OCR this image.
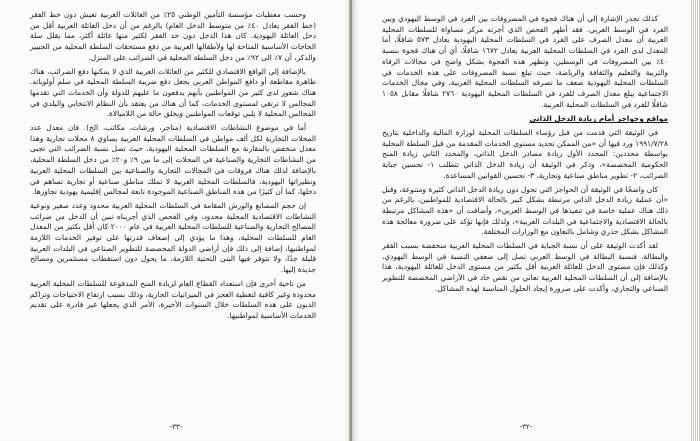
وحسب معطيات مؤسسة التأمين الوطني ٢٥٪ من العائلات العربية تعيش دون خط الفقر (خط الفقر يعادل ٤٠٪ من متوسط الدخل العام) بالرغم من أن دخل العائلة العربية أقل من دخل العائلة اليهودية. كان هذا الدخل دون حد الفقر لكثير منها عائلة أكثر، مما يقلل سلة الحاجات الأساسية المتاحة لها ولأطفالها العربية من دفع مستحقات السلطة المحلية من الجبيير والذكر، أن ٧٪ الى ٩٢٪ من دخل السلطة المحلية في الضرائب على المنزل.

بالإضافة إلى الواقع الاقتصادي للكثير من العائلات العربية الذي لا يمكنها دفع الضرائب، هناك ظاهرة مقاطعة أو دافع المواطن العربي بجعل دفع ضريبة السلطة المحلية في سلم أولوياته. هناك شعور لدى كثير من المواطنين بأنهم يدفعون ما عليهم للدولة وأن الخدمات التي تقدمها المجالس لا ترتقي لمستوى الخدمات، كما أن هناك من يعتقد بأن النظام الانتخابي والبلدي في المجالس المحلية لا يلبي توقعات المواطنين ويخلق حالة من اللامبالاة.

أما في موضوع النشاطات الاقتصادية (متاجر، ورشات، مكاتب، الخ). فان معدل عدد المحلات التجارية لكل ألف مواطن في السلطات المحلية العربية يساوي ٨ محلات تجارية وهذا معدل منخفض بالمقارنة مع السلطات المحلية اليهودية، حيث تصل نسبة الضرائب التي تجبى من النشاطات التجارية والصناعية في المحلات إلى ما بين ٩٪ و٢٠٪ من دخل السلطة المحلية، بالإضافة لذلك هناك فروقات في المجالات التجارية والصناعية بين السلطات المحلية العربية ونظيراتها اليهودية، فالسلطات المحلية العربية لا تملك مناطق صناعية أو تجارية تساهم في دخلها، كما أن كثيرًا من هذه المناطق الصناعية الموجودة تابعة لمجالس إقليمية يهودية تجاورها.

إن حجم المصانع والورش المقامة في السلطات المحلية العربية محدود وعدد صغير ونوعية النشاطات الاقتصادية المحلية محدود، وفي الفحص الذي أجريناه تبين أن الدخل من ضرائب المصالح التجارية والصناعية للسلطات المحلية العربية في عام ٢٠٠٠ كان أقل بكثير من المعدل العام للسلطات المحلية، وهذا ما يؤدي إلى إضعاف قدرتها على توفير الخدمات اللازمة لمواطنيها، إضافة إلى ذلك فإن أراضي الدولة المخصصة للتطوير الصناعي في البلدات العربية قليلة جدًا، ولا تتوفر فيها البنى التحتية اللازمة، ما يحول دون استقطاب مستثمرين ومصالح جديدة إليها.

من ناحية أخرى فإن استعداد القطاع العام لزيادة المنح المدفوعة للسلطات المحلية العربية محدودة وغير كافية لتغطية العجز في الميزانيات الجارية، وذلك بسبب ارتفاع الاحتياجات وتراكم الديون على هذه السلطات خلال السنوات الأخيرة، الأمر الذي يجعلها غير قادرة على تقديم الخدمات الأساسية لمواطنيها.

-٣٣-

كذلك تجدر الإشارة إلى أن هناك فجوة في المصروفات بين الفرد في الوسط اليهودي وبين الفرد في الوسط العربي. فقد أظهر الفحص الذي أجرته مركز مساواة للسلطات المحلية العربية أن معدل الصرف على الفرد في السلطات المحلية اليهودية يعادل ٥٧٣ شاقلًا، أما المعدل لدى الفرد في السلطات المحلية العربية يعادل ١٦٧٢ شاقلًا، أي أن هناك فجوة بنسبة ٤٠٪ بين المصروفات في الوسطين، وتظهر هذه الفجوة بشكل واضح في مجالات الرفاه والتربية والتعليم والثقافة والرياضة، حيث تبلغ نسبة المصروفات على هذه الخدمات في السلطات المحلية اليهودية ضعف ما تصرفه السلطات المحلية العربية، وفي مجال الخدمات الاجتماعية يبلغ معدل الصرف للفرد في السلطات المحلية اليهودية ٢٧٦٠ شاقلًا مقابل ١٠٥٨ شاقلًا للفرد في السلطات المحلية العربية.

مواقع وحواجز أمام زيادة الدخل الذاتي

في الوثيقة التي قدمت من قبل رؤساء السلطات المحلية لوزارة المالية والداخلية بتاريخ ١٩٩١/٧/٢٨ ورد فيها أن «من الممكن تحديد مستوى الخدمات المقدمة من قبل السلطة المحلية بواسطة محددين: المحدد الأول زيادة مصادر الدخل الذاتي، والمحدد الثاني زيادة المنح الحكومية المخصصة»، وذكر في الوثيقة أن زيادة الدخل الذاتي تتطلب ١- تحسين جباية الضرائب، ٢- تطوير مناطق صناعية وتجارية، ٣- تحسين القوانين المساعدة.

كان واضحًا في الوثيقة أن الحواجز التي تحول دون زيادة الدخل الذاتي كثيرة ومتنوعة، وقبل «أن عملية زيادة الدخل الذاتي مرتبطة بشكل كبير بالحالة الاقتصادية للمواطنين، بالرغم من ذلك هناك عملية خاصة في تنفيذها في الوسط العربي»، وأضافت أن «هذه المشاكل مرتبطة بالحالة الاقتصادية والاجتماعية في البلدات العربية»، ولذلك فإنها تؤكد على ضرورة معالجة هذه المشاكل بشكل جذري وشامل بالتعاون مع الوزارات المختلفة.

لقد أكدت الوثيقة على أن نسبة الجباية في السلطات المحلية العربية منخفضة بسبب الفقر والبطالة، فنسبة البطالة في الوسط العربي تصل إلى ضعفي النسبة في الوسط اليهودي، وكذلك فإن مستوى الدخل للعائلة العربية أقل بكثير من مستوى الدخل للعائلة اليهودية، هذا بالإضافة إلى أن السلطات المحلية العربية تعاني من نقص حاد في الأراضي المخصصة للتطوير الصناعي والتجاري، وأكدت على ضرورة إيجاد الحلول المناسبة لهذه المشاكل.

-٣٢-
